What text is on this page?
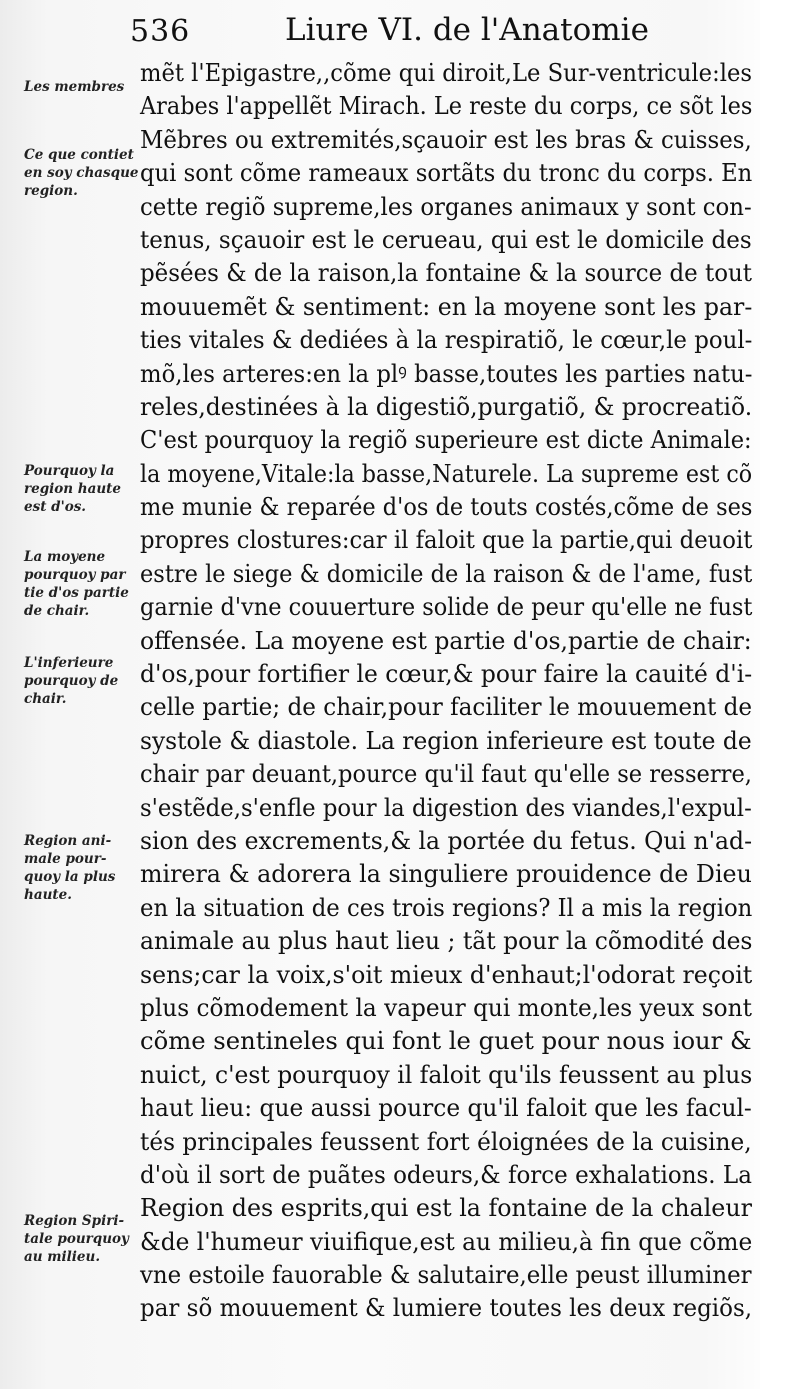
536	Liure VI. de l'Anatomie
Les membres
Ce que contiet
en soy chasque
region.
Pourquoy la
region haute
est d'os.
La moyene
pourquoy par
tie d'os partie
de chair.
L'inferieure
pourquoy de
chair.
Region ani-
male pour-
quoy la plus
haute.
Region Spiri-
tale pourquoy
au milieu.
mẽt l'Epigastre,,cõme qui diroit,Le Sur-ventricule:les
Arabes l'appellẽt Mirach. Le reste du corps, ce sõt les
Mẽbres ou extremités,sçauoir est les bras & cuisses,
qui sont cõme rameaux sortãts du tronc du corps. En
cette regiõ supreme,les organes animaux y sont con-
tenus, sçauoir est le cerueau, qui est le domicile des
pẽsées & de la raison,la fontaine & la source de tout
mouuemẽt & sentiment: en la moyene sont les par-
ties vitales & dediées à la respiratiõ, le cœur,le poul-
mõ,les arteres:en la plꝰ basse,toutes les parties natu-
reles,destinées à la digestiõ,purgatiõ, & procreatiõ.
C'est pourquoy la regiõ superieure est dicte Animale:
la moyene,Vitale:la basse,Naturele. La supreme est cõ
me munie & reparée d'os de touts costés,cõme de ses
propres clostures:car il faloit que la partie,qui deuoit
estre le siege & domicile de la raison & de l'ame, fust
garnie d'vne couuerture solide de peur qu'elle ne fust
offensée. La moyene est partie d'os,partie de chair:
d'os,pour fortifier le cœur,& pour faire la cauité d'i-
celle partie; de chair,pour faciliter le mouuement de
systole & diastole. La region inferieure est toute de
chair par deuant,pource qu'il faut qu'elle se resserre,
s'estẽde,s'enfle pour la digestion des viandes,l'expul-
sion des excrements,& la portée du fetus. Qui n'ad-
mirera & adorera la singuliere prouidence de Dieu
en la situation de ces trois regions? Il a mis la region
animale au plus haut lieu ; tãt pour la cõmodité des
sens;car la voix,s'oit mieux d'enhaut;l'odorat reçoit
plus cõmodement la vapeur qui monte,les yeux sont
cõme sentineles qui font le guet pour nous iour &
nuict, c'est pourquoy il faloit qu'ils feussent au plus
haut lieu: que aussi pource qu'il faloit que les facul-
tés principales feussent fort éloignées de la cuisine,
d'où il sort de puãtes odeurs,& force exhalations. La
Region des esprits,qui est la fontaine de la chaleur
&de l'humeur viuifique,est au milieu,à fin que cõme
vne estoile fauorable & salutaire,elle peust illuminer
par sõ mouuement & lumiere toutes les deux regiõs,
